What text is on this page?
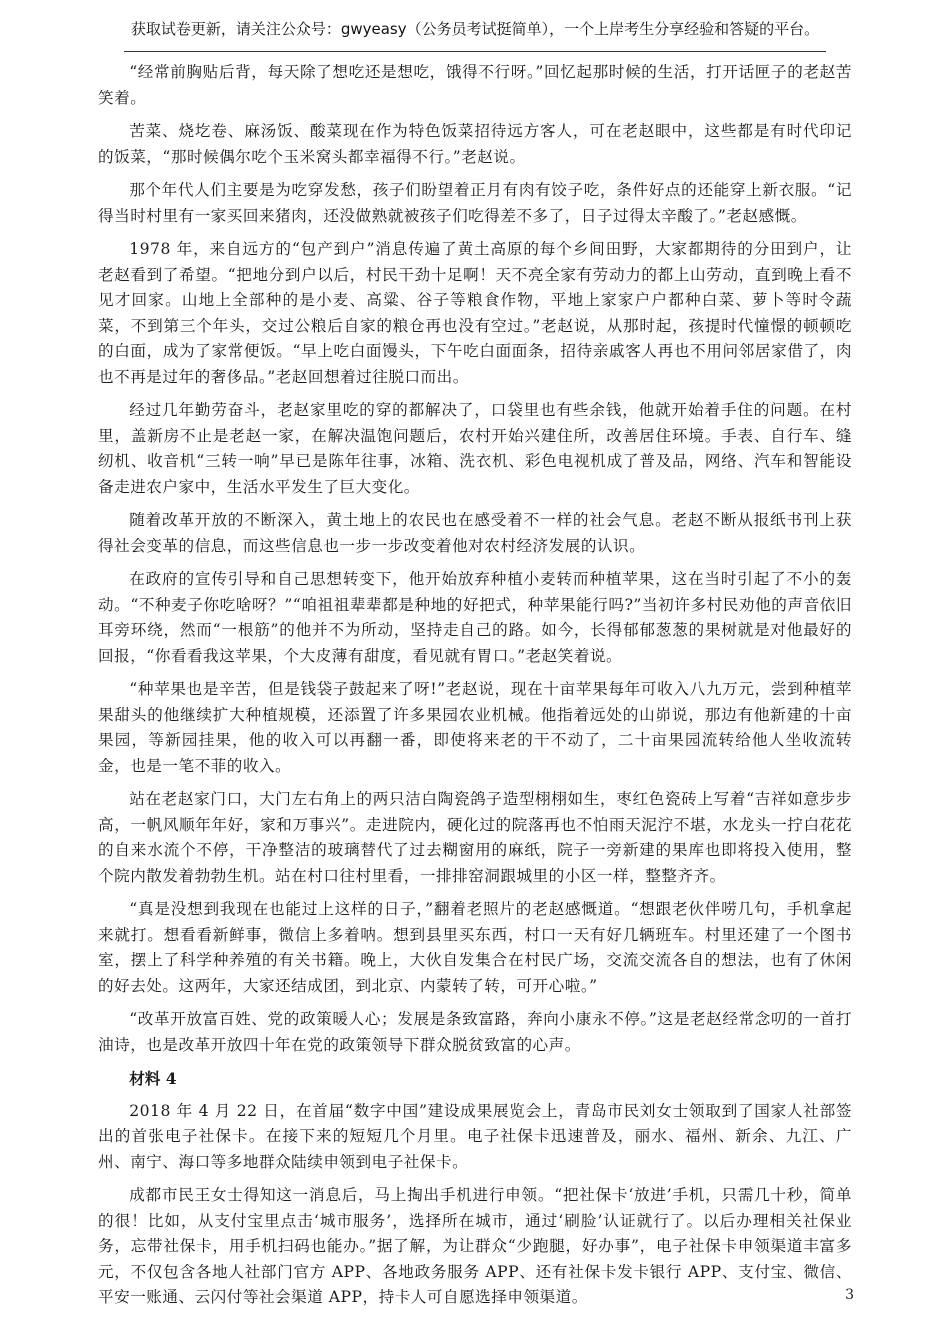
获取试卷更新，请关注公众号：gwyeasy（公务员考试挺简单），一个上岸考生分享经验和答疑的平台。

“经常前胸贴后背，每天除了想吃还是想吃，饿得不行呀。”回忆起那时候的生活，打开话匣子的老赵苦笑着。

苦菜、烧圪卷、麻汤饭、酸菜现在作为特色饭菜招待远方客人，可在老赵眼中，这些都是有时代印记的饭菜，“那时候偶尔吃个玉米窝头都幸福得不行。”老赵说。

那个年代人们主要是为吃穿发愁，孩子们盼望着正月有肉有饺子吃，条件好点的还能穿上新衣服。“记得当时村里有一家买回来猪肉，还没做熟就被孩子们吃得差不多了，日子过得太辛酸了。”老赵感慨。

1978 年，来自远方的“包产到户”消息传遍了黄土高原的每个乡间田野，大家都期待的分田到户，让老赵看到了希望。“把地分到户以后，村民干劲十足啊！天不亮全家有劳动力的都上山劳动，直到晚上看不见才回家。山地上全部种的是小麦、高粱、谷子等粮食作物，平地上家家户户都种白菜、萝卜等时令蔬菜，不到第三个年头，交过公粮后自家的粮仓再也没有空过。”老赵说，从那时起，孩提时代憧憬的顿顿吃的白面，成为了家常便饭。“早上吃白面馒头，下午吃白面面条，招待亲戚客人再也不用问邻居家借了，肉也不再是过年的奢侈品。”老赵回想着过往脱口而出。

经过几年勤劳奋斗，老赵家里吃的穿的都解决了，口袋里也有些余钱，他就开始着手住的问题。在村里，盖新房不止是老赵一家，在解决温饱问题后，农村开始兴建住所，改善居住环境。手表、自行车、缝纫机、收音机“三转一响”早已是陈年往事，冰箱、洗衣机、彩色电视机成了普及品，网络、汽车和智能设备走进农户家中，生活水平发生了巨大变化。

随着改革开放的不断深入，黄土地上的农民也在感受着不一样的社会气息。老赵不断从报纸书刊上获得社会变革的信息，而这些信息也一步一步改变着他对农村经济发展的认识。

在政府的宣传引导和自己思想转变下，他开始放弃种植小麦转而种植苹果，这在当时引起了不小的轰动。“不种麦子你吃啥呀？”“咱祖祖辈辈都是种地的好把式，种苹果能行吗?”当初许多村民劝他的声音依旧耳旁环绕，然而“一根筋”的他并不为所动，坚持走自己的路。如今，长得郁郁葱葱的果树就是对他最好的回报，“你看看我这苹果，个大皮薄有甜度，看见就有胃口。”老赵笑着说。

“种苹果也是辛苦，但是钱袋子鼓起来了呀!”老赵说，现在十亩苹果每年可收入八九万元，尝到种植苹果甜头的他继续扩大种植规模，还添置了许多果园农业机械。他指着远处的山峁说，那边有他新建的十亩果园，等新园挂果，他的收入可以再翻一番，即使将来老的干不动了，二十亩果园流转给他人坐收流转金，也是一笔不菲的收入。

站在老赵家门口，大门左右角上的两只洁白陶瓷鸽子造型栩栩如生，枣红色瓷砖上写着“吉祥如意步步高，一帆风顺年年好，家和万事兴”。走进院内，硬化过的院落再也不怕雨天泥泞不堪，水龙头一拧白花花的自来水流个不停，干净整洁的玻璃替代了过去糊窗用的麻纸，院子一旁新建的果库也即将投入使用，整个院内散发着勃勃生机。站在村口往村里看，一排排窑洞跟城里的小区一样，整整齐齐。

“真是没想到我现在也能过上这样的日子，”翻着老照片的老赵感慨道。“想跟老伙伴唠几句，手机拿起来就打。想看看新鲜事，微信上多着呐。想到县里买东西，村口一天有好几辆班车。村里还建了一个图书室，摆上了科学种养殖的有关书籍。晚上，大伙自发集合在村民广场，交流交流各自的想法，也有了休闲的好去处。这两年，大家还结成团，到北京、内蒙转了转，可开心啦。”

“改革开放富百姓、党的政策暖人心；发展是条致富路，奔向小康永不停。”这是老赵经常念叨的一首打油诗，也是改革开放四十年在党的政策领导下群众脱贫致富的心声。

材料 4

2018 年 4 月 22 日，在首届“数字中国”建设成果展览会上，青岛市民刘女士领取到了国家人社部签出的首张电子社保卡。在接下来的短短几个月里。电子社保卡迅速普及，丽水、福州、新余、九江、广州、南宁、海口等多地群众陆续申领到电子社保卡。

成都市民王女士得知这一消息后，马上掏出手机进行申领。“把社保卡‘放进’手机，只需几十秒，简单的很！比如，从支付宝里点击‘城市服务’，选择所在城市，通过‘刷脸’认证就行了。以后办理相关社保业务，忘带社保卡，用手机扫码也能办。”据了解，为让群众“少跑腿，好办事”，电子社保卡申领渠道丰富多元，不仅包含各地人社部门官方 APP、各地政务服务 APP、还有社保卡发卡银行 APP、支付宝、微信、平安一账通、云闪付等社会渠道 APP，持卡人可自愿选择申领渠道。	3
